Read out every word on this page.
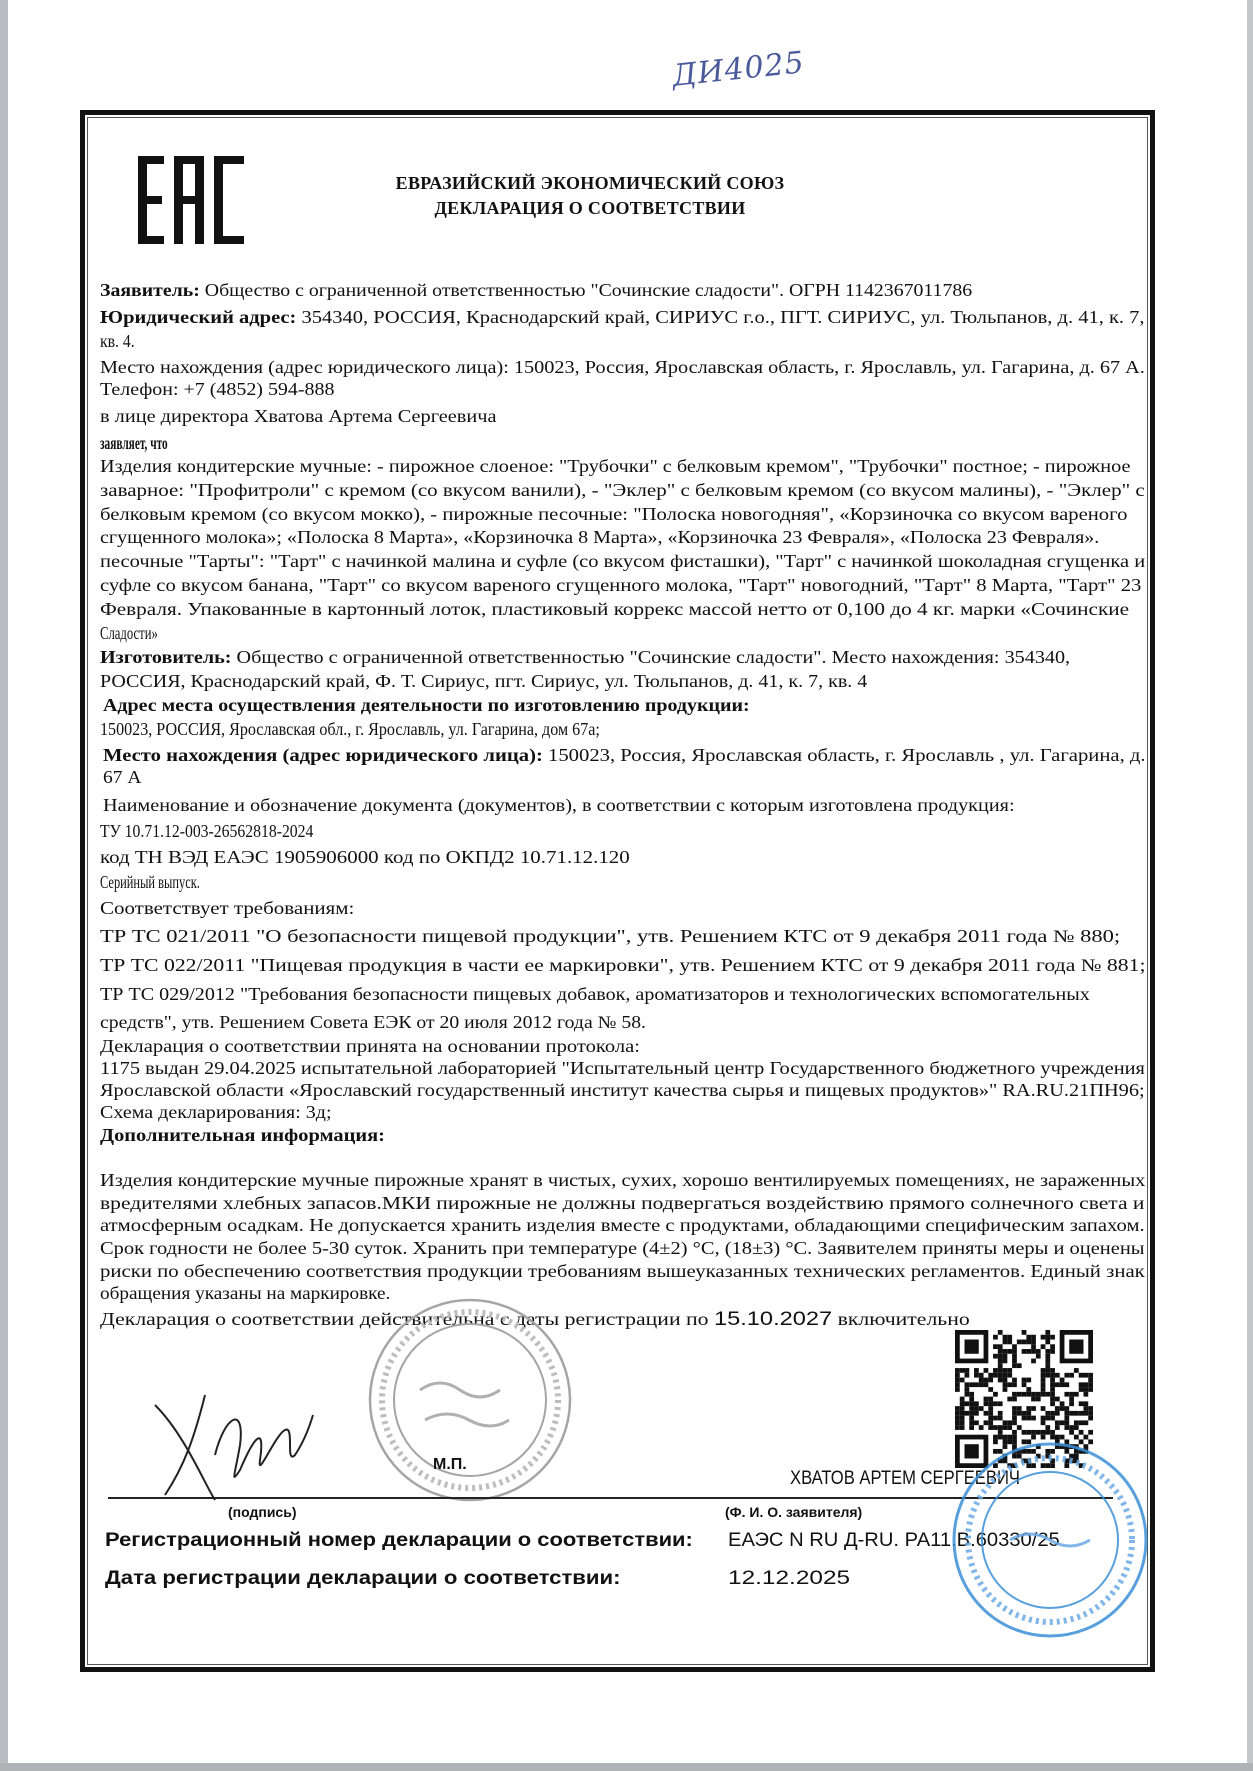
ДИ4025
ЕВРАЗИЙСКИЙ ЭКОНОМИЧЕСКИЙ СОЮЗ
ДЕКЛАРАЦИЯ О СООТВЕТСТВИИ
Заявитель: Общество с ограниченной ответственностью "Сочинские сладости". ОГРН 1142367011786
Юридический адрес: 354340, РОССИЯ, Краснодарский край, СИРИУС г.о., ПГТ. СИРИУС, ул. Тюльпанов, д. 41, к. 7,
кв. 4.
Место нахождения (адрес юридического лица): 150023, Россия, Ярославская область, г. Ярославль, ул. Гагарина, д. 67 А.
Телефон: +7 (4852) 594-888
в лице директора Хватова Артема Сергеевича
заявляет, что
Изделия кондитерские мучные: - пирожное слоеное: "Трубочки" с белковым кремом", "Трубочки" постное; - пирожное
заварное: "Профитроли" с кремом (со вкусом ванили), - "Эклер" с белковым кремом (со вкусом малины), - "Эклер" с
белковым кремом (со вкусом мокко), - пирожные песочные: "Полоска новогодняя", «Корзиночка со вкусом вареного
сгущенного молока»; «Полоска 8 Марта», «Корзиночка 8 Марта», «Корзиночка 23 Февраля», «Полоска 23 Февраля».
песочные "Тарты": "Тарт" с начинкой малина и суфле (со вкусом фисташки), "Тарт" с начинкой шоколадная сгущенка и
суфле со вкусом банана, "Тарт" со вкусом вареного сгущенного молока, "Тарт" новогодний, "Тарт" 8 Марта, "Тарт" 23
Февраля. Упакованные в картонный лоток, пластиковый коррекс массой нетто от 0,100 до 4 кг. марки «Сочинские
Сладости»
Изготовитель: Общество с ограниченной ответственностью "Сочинские сладости". Место нахождения: 354340,
РОССИЯ, Краснодарский край, Ф. Т. Сириус, пгт. Сириус, ул. Тюльпанов, д. 41, к. 7, кв. 4
Адрес места осуществления деятельности по изготовлению продукции:
150023, РОССИЯ, Ярославская обл., г. Ярославль, ул. Гагарина, дом 67а;
Место нахождения (адрес юридического лица): 150023, Россия, Ярославская область, г. Ярославль , ул. Гагарина, д.
67 А
Наименование и обозначение документа (документов), в соответствии с которым изготовлена продукция:
ТУ 10.71.12-003-26562818-2024
код ТН ВЭД ЕАЭС 1905906000 код по ОКПД2 10.71.12.120
Серийный выпуск.
Соответствует требованиям:
ТР ТС 021/2011 "О безопасности пищевой продукции", утв. Решением КТС от 9 декабря 2011 года № 880;
ТР ТС 022/2011 "Пищевая продукция в части ее маркировки", утв. Решением КТС от 9 декабря 2011 года № 881;
ТР ТС 029/2012 "Требования безопасности пищевых добавок, ароматизаторов и технологических вспомогательных
средств", утв. Решением Совета ЕЭК от 20 июля 2012 года № 58.
Декларация о соответствии принята на основании протокола:
1175 выдан 29.04.2025 испытательной лабораторией "Испытательный центр Государственного бюджетного учреждения
Ярославской области «Ярославский государственный институт качества сырья и пищевых продуктов»" RA.RU.21ПН96;
Схема декларирования: 3д;
Дополнительная информация:
Изделия кондитерские мучные пирожные хранят в чистых, сухих, хорошо вентилируемых помещениях, не зараженных
вредителями хлебных запасов.МКИ пирожные не должны подвергаться воздействию прямого солнечного света и
атмосферным осадкам. Не допускается хранить изделия вместе с продуктами, обладающими специфическим запахом.
Срок годности не более 5-30 суток. Хранить при температуре (4±2) °С, (18±3) °С. Заявителем приняты меры и оценены
риски по обеспечению соответствия продукции требованиям вышеуказанных технических регламентов. Единый знак
обращения указаны на маркировке.
Декларация о соответствии действительна с даты регистрации по 15.10.2027 включительно
М.П.
ХВАТОВ АРТЕМ СЕРГЕЕВИЧ
(подпись)	(Ф. И. О. заявителя)
Регистрационный номер декларации о соответствии: ЕАЭС N RU Д-RU. РА11.В.60330/25
Дата регистрации декларации о соответствии:	12.12.2025
